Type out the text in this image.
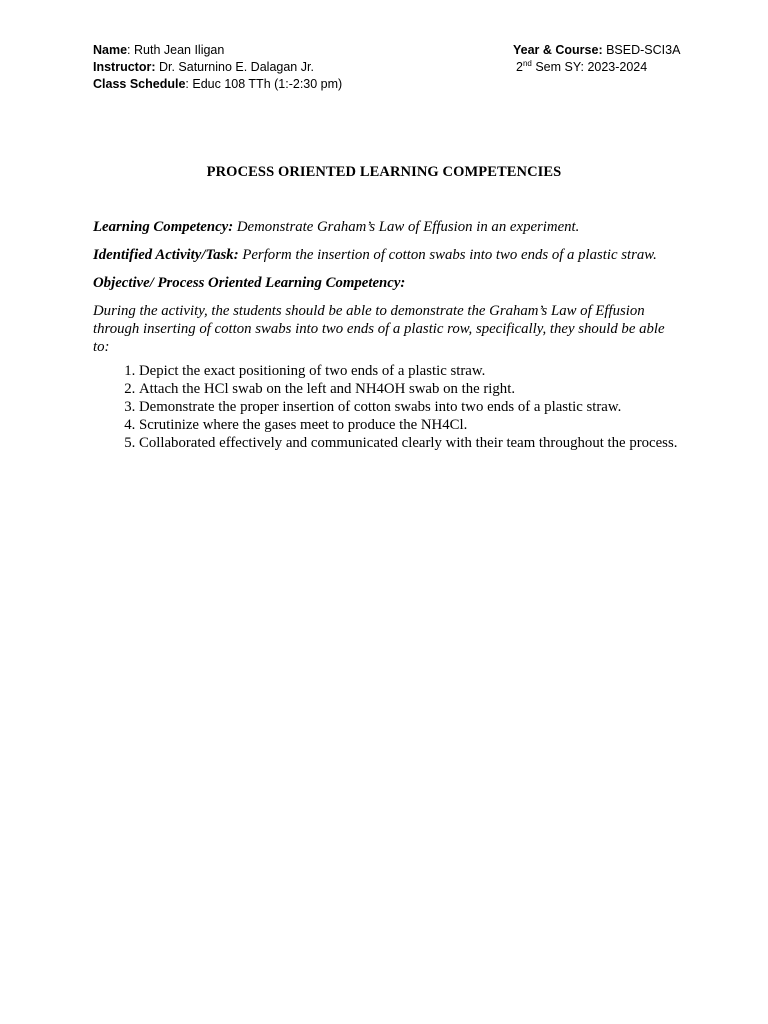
Name: Ruth Jean Iligan
Instructor: Dr. Saturnino E. Dalagan Jr.
Class Schedule: Educ 108 TTh (1:-2:30 pm)
Year & Course: BSED-SCI3A
2nd Sem SY: 2023-2024
PROCESS ORIENTED LEARNING COMPETENCIES

Learning Competency: Demonstrate Graham’s Law of Effusion in an experiment.

Identified Activity/Task: Perform the insertion of cotton swabs into two ends of a plastic straw.

Objective/ Process Oriented Learning Competency:

During the activity, the students should be able to demonstrate the Graham’s Law of Effusion through inserting of cotton swabs into two ends of a plastic row, specifically, they should be able to:

1. Depict the exact positioning of two ends of a plastic straw.
2. Attach the HCl swab on the left and NH4OH swab on the right.
3. Demonstrate the proper insertion of cotton swabs into two ends of a plastic straw.
4. Scrutinize where the gases meet to produce the NH4Cl.
5. Collaborated effectively and communicated clearly with their team throughout the process.
